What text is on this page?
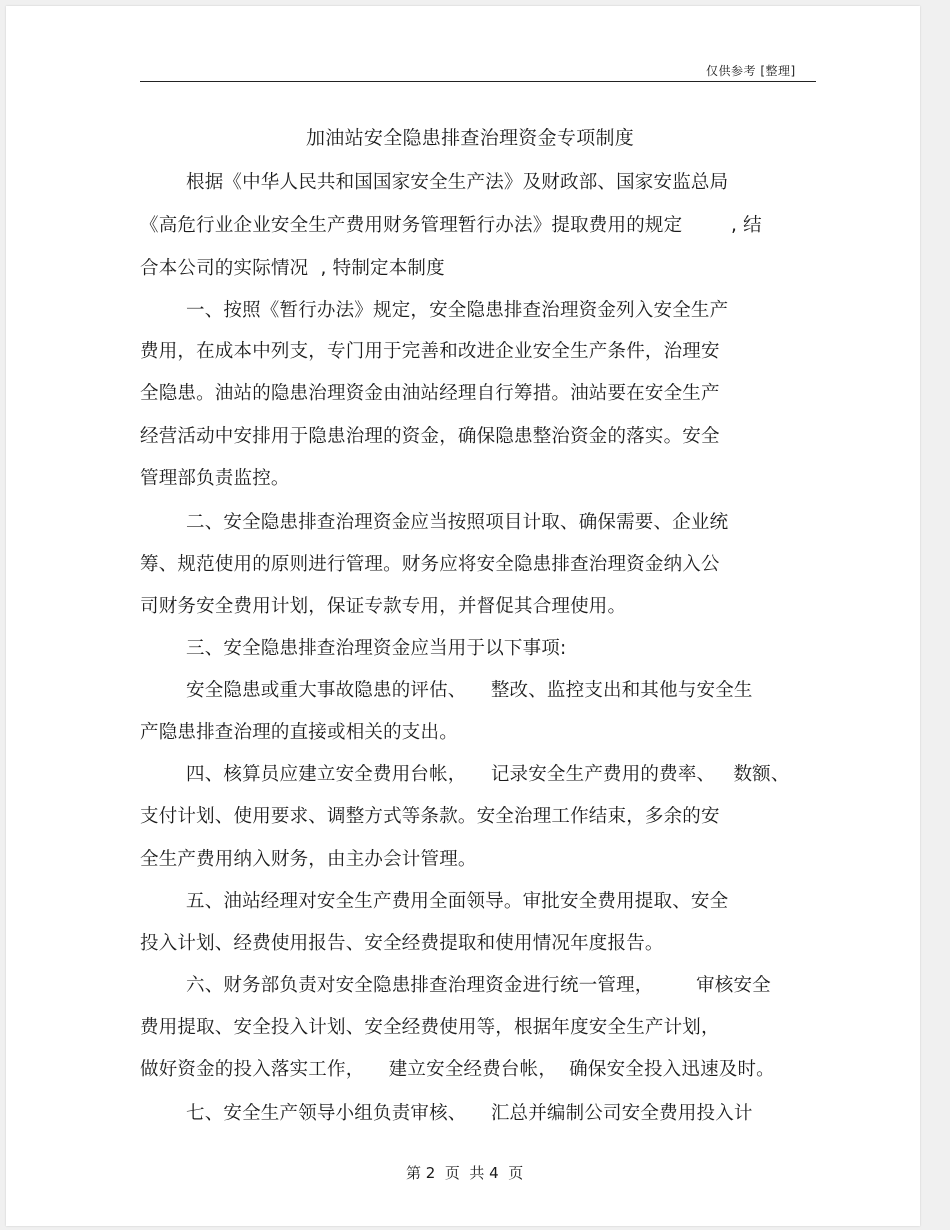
仅供参考 [整理]
加油站安全隐患排查治理资金专项制度
根据《中华人民共和国国家安全生产法》及财政部、国家安监总局
《高危行业企业安全生产费用财务管理暂行办法》提取费用的规定        , 结
合本公司的实际情况  , 特制定本制度
一、按照《暂行办法》规定，安全隐患排查治理资金列入安全生产
费用，在成本中列支，专门用于完善和改进企业安全生产条件，治理安
全隐患。油站的隐患治理资金由油站经理自行筹措。油站要在安全生产
经营活动中安排用于隐患治理的资金，确保隐患整治资金的落实。安全
管理部负责监控。
二、安全隐患排查治理资金应当按照项目计取、确保需要、企业统
筹、规范使用的原则进行管理。财务应将安全隐患排查治理资金纳入公
司财务安全费用计划，保证专款专用，并督促其合理使用。
三、安全隐患排查治理资金应当用于以下事项:
安全隐患或重大事故隐患的评估、    整改、监控支出和其他与安全生
产隐患排查治理的直接或相关的支出。
四、核算员应建立安全费用台帐，    记录安全生产费用的费率、   数额、
支付计划、使用要求、调整方式等条款。安全治理工作结束，多余的安
全生产费用纳入财务，由主办会计管理。
五、油站经理对安全生产费用全面领导。审批安全费用提取、安全
投入计划、经费使用报告、安全经费提取和使用情况年度报告。
六、财务部负责对安全隐患排查治理资金进行统一管理，       审核安全
费用提取、安全投入计划、安全经费使用等，根据年度安全生产计划，
做好资金的投入落实工作，    建立安全经费台帐，  确保安全投入迅速及时。
七、安全生产领导小组负责审核、    汇总并编制公司安全费用投入计
第 2  页  共 4  页
